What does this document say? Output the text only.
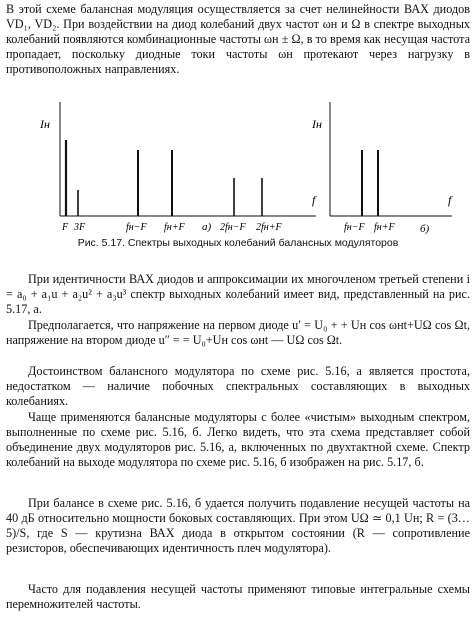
В этой схеме балансная модуляция осуществляется за счет нелинейности ВАХ диодов VD₁, VD₂. При воздействии на диод колебаний двух частот ωн и Ω в спектре выходных колебаний появляются комбинационные частоты ωн ± Ω, в то время как несущая частота пропадает, поскольку диодные токи частоты ωн протекают через нагрузку в противоположных направлениях.

Iн
f
F 3F	fн−F fн+F	2fн−F 2fн+F
а)
Iн
f
fн−F fн+F б)
Рис. 5.17. Спектры выходных колебаний балансных модуляторов

При идентичности ВАХ диодов и аппроксимации их многочленом третьей степени i = a₀ + a₁u + a₂u² + a₃u³ спектр выходных колебаний имеет вид, представленный на рис. 5.17, а.

Предполагается, что напряжение на первом диоде u′ = U₀ + + Uн cos ωнt+UΩ cos Ωt, напряжение на втором диоде u″ = = U₀+Uн cos ωнt — UΩ cos Ωt.

Достоинством балансного модулятора по схеме рис. 5.16, а является простота, недостатком — наличие побочных спектральных составляющих в выходных колебаниях.

Чаще применяются балансные модуляторы с более «чистым» выходным спектром, выполненные по схеме рис. 5.16, б. Легко видеть, что эта схема представляет собой объединение двух модуляторов рис. 5.16, а, включенных по двухтактной схеме. Спектр колебаний на выходе модулятора по схеме рис. 5.16, б изображен на рис. 5.17, б.

При балансе в схеме рис. 5.16, б удается получить подавление несущей частоты на 40 дБ относительно мощности боковых составляющих. При этом UΩ ≃ 0,1 Uн; R = (3… 5)/S, где S — крутизна ВАХ диода в открытом состоянии (R — сопротивление резисторов, обеспечивающих идентичность плеч модулятора).

Часто для подавления несущей частоты применяют типовые интегральные схемы перемножителей частоты.
